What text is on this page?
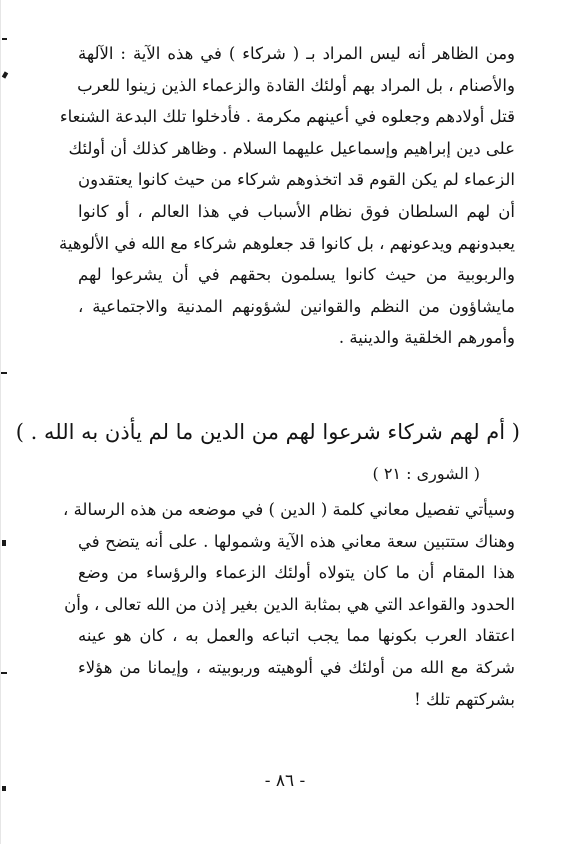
ومن الظاهر أنه ليس المراد بـ ( شركاء ) في هذه الآية : الآلهة
والأصنام ، بل المراد بهم أولئك القادة والزعماء الذين زينوا للعرب
قتل أولادهم وجعلوه في أعينهم مكرمة . فأدخلوا تلك البدعة الشنعاء
على دين إبراهيم وإسماعيل عليهما السلام . وظاهر كذلك أن أولئك
الزعماء لم يكن القوم قد اتخذوهم شركاء من حيث كانوا يعتقدون
أن لهم السلطان فوق نظام الأسباب في هذا العالم ، أو كانوا
يعبدونهم ويدعونهم ، بل كانوا قد جعلوهم شركاء مع الله في الألوهية
والربوبية من حيث كانوا يسلمون بحقهم في أن يشرعوا لهم
مايشاؤون من النظم والقوانين لشؤونهم المدنية والاجتماعية ،
وأمورهم الخلقية والدينية .
( أم لهم شركاء شرعوا لهم من الدين ما لم يأذن به الله . )
( الشورى : ٢١ )
وسيأتي تفصيل معاني كلمة ( الدين ) في موضعه من هذه الرسالة ،
وهناك ستتبين سعة معاني هذه الآية وشمولها . على أنه يتضح في
هذا المقام أن ما كان يتولاه أولئك الزعماء والرؤساء من وضع
الحدود والقواعد التي هي بمثابة الدين بغير إذن من الله تعالى ، وأن
اعتقاد العرب بكونها مما يجب اتباعه والعمل به ، كان هو عينه
شركة مع الله من أولئك في ألوهيته وربوبيته ، وإيمانا من هؤلاء
بشركتهم تلك !
- ٨٦ -
